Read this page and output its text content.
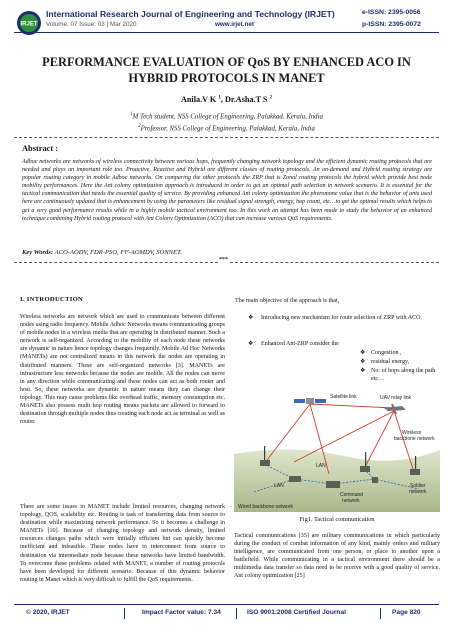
IRJET
International Research Journal of Engineering and Technology (IRJET)
Volume: 07 Issue: 03 | Mar 2020	www.irjet.net
e-ISSN: 2395-0056
p-ISSN: 2395-0072
PERFORMANCE EVALUATION OF QoS BY ENHANCED ACO IN
HYBRID PROTOCOLS IN MANET
Anila.V K $^1$, Dr.Asha.T S $^2$
$^1$M Tech student, NSS College of Engineering, Palakkad, Kerala, India
$^2$Professor, NSS College of Engineering, Palakkad, Kerala, India
Abstract :
Adhoc networks are networks of wireless connectivity between various hops, frequently changing network topology and the efficient dynamic routing protocols that are needed and plays an important role too. Proactive, Reactive and Hybrid are different classes of routing protocols. An on-demand and Hybrid routing strategy are popular routing category in mobile Adhoc networks. On comparing the other protocols the ZRP that is Zonal routing protocols the hybrid which provide best node mobility performances. Here the Ant colony optimization approach is introduced in order to get an optimal path selection in network scenario. It is essential for the tactical communication that needs the essential quality of service. By providing enhanced Ant colony optimization the pheromone value that is the behavior of ants used here are continuously updated that is enhancement by using the parameters like residual signal strength, energy, hop count, etc…to get the optimal results which helps to get a very good performance results while in a highly mobile tactical environment too. In this work an attempt has been made to study the behavior of an enhanced technique combining Hybrid routing protocol with Ant Colony Optimization (ACO) that can increase various QoS requirements.
Key Words: ACO-AODV, FDR-PSO, FF-AOMDV, SONNET.
***
I. INTRODUCTION
Wireless networks are network which are used to communicate between different nodes using radio frequency. Mobile Adhoc Networks means communicating groups of mobile nodes in a wireless media that are operating in distributed manner. Such a network is self-organized. According to the mobility of each node these networks are dynamic in nature hence topology changes frequently. Mobile Ad Hoc Networks (MANETs) are not centralized means in this network the nodes are operating in distributed manners. These are self-organized networks [3]. MANETs are infrastructure less networks because the nodes are mobile. All the nodes can move in any direction while communicating and these nodes can act as both router and host. So, these networks are dynamic in nature means they can change their topology. This may cause problems like overhead traffic, memory consumption etc. MANETs also possess multi hop routing means packets are allowed to forward to destination through multiple nodes thus creating each node act as terminal as well as router.
There are some issues in MANET include limited resources, changing network topology, QOS, scalability etc. Routing is task of transferring data from source to destination while maximizing network performance. So it becomes a challenge in MANETs [10]. Because of changing topology and network density, limited resources changes paths which were initially efficient but can quickly become inefficient and infeasible. These nodes have to interconnect from source to destination via intermediate node because these networks have limited bandwidth. To overcome these problems related with MANET, a number of routing protocols have been developed for different scenario. Because of this dynamic behavior routing in Manet which is very difficult to fulfill the QoS requirements.
The main objective of the approach is that,
❖ Introducing new mechanism for route selection of ZRP with ACO.
❖ Enhanced Ant-ZRP consider the
❖ Congestion ,
❖ residual energy,
❖ No: of hops along the path etc…
Satellite link	UAV relay link
Wireless
backbone network
LAN
LAN
Command
network
Soldier
network
Wired backbone network
Fig1. Tactical communication
Tactical communications [35] are military communications in which particularly during the conduct of combat information of any kind, mainly orders and military intelligence, are communicated from one person, or place to another upon a battlefield. While communicating in a tactical environment there should be a multimedia data transfer so data need to be receive with a good quality of service. Ant colony optimization [25]
© 2020, IRJET	Impact Factor value: 7.34	ISO 9001:2008 Certified Journal	Page 820
